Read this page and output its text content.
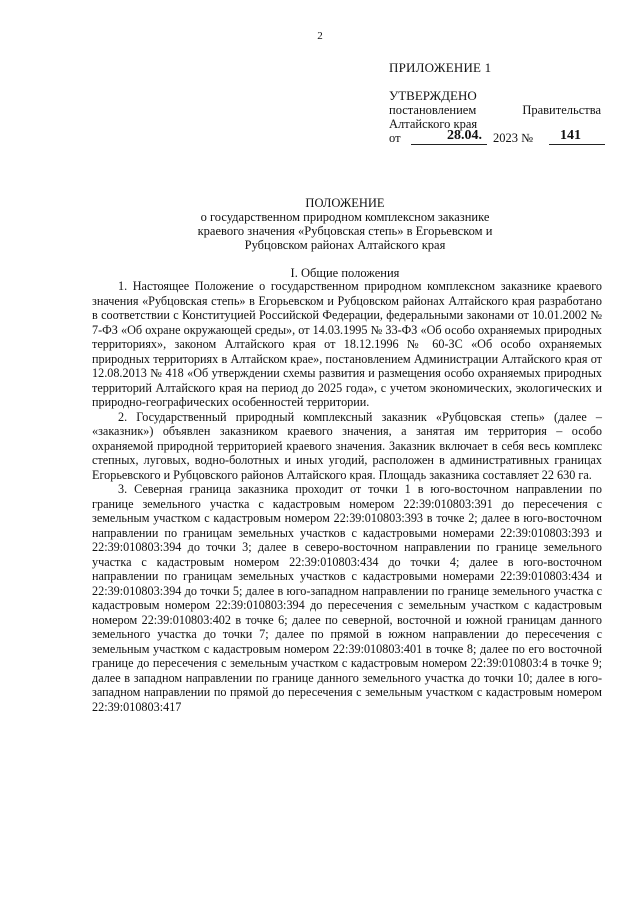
2
ПРИЛОЖЕНИЕ 1
УТВЕРЖДЕНО
постановлением	Правительства
Алтайского края
от	28.04. 2023 № 141
ПОЛОЖЕНИЕ
о государственном природном комплексном заказнике
краевого значения «Рубцовская степь» в Егорьевском и
Рубцовском районах Алтайского края
I. Общие положения

1. Настоящее Положение о государственном природном комплексном заказнике краевого значения «Рубцовская степь» в Егорьевском и Рубцовском районах Алтайского края разработано в соответствии с Конституцией Российской Федерации, федеральными законами от 10.01.2002 № 7-ФЗ «Об охране окружающей среды», от 14.03.1995 № 33-ФЗ «Об особо охраняемых природных территориях», законом Алтайского края от 18.12.1996 № 60-ЗС «Об особо охраняемых природных территориях в Алтайском крае», постановлением Администрации Алтайского края от 12.08.2013 № 418 «Об утверждении схемы развития и размещения особо охраняемых природных территорий Алтайского края на период до 2025 года», с учетом экономических, экологических и природно-географических особенностей территории.

2. Государственный природный комплексный заказник «Рубцовская степь» (далее – «заказник») объявлен заказником краевого значения, а занятая им территория – особо охраняемой природной территорией краевого значения. Заказник включает в себя весь комплекс степных, луговых, водно-болотных и иных угодий, расположен в административных границах Егорьевского и Рубцовского районов Алтайского края. Площадь заказника составляет 22 630 га.

3. Северная граница заказника проходит от точки 1 в юго-восточном направлении по границе земельного участка с кадастровым номером 22:39:010803:391 до пересечения с земельным участком с кадастровым номером 22:39:010803:393 в точке 2; далее в юго-восточном направлении по границам земельных участков с кадастровыми номерами 22:39:010803:393 и 22:39:010803:394 до точки 3; далее в северо-восточном направлении по границе земельного участка с кадастровым номером 22:39:010803:434 до точки 4; далее в юго-восточном направлении по границам земельных участков с кадастровыми номерами 22:39:010803:434 и 22:39:010803:394 до точки 5; далее в юго-западном направлении по границе земельного участка с кадастровым номером 22:39:010803:394 до пересечения с земельным участком с кадастровым номером 22:39:010803:402 в точке 6; далее по северной, восточной и южной границам данного земельного участка до точки 7; далее по прямой в южном направлении до пересечения с земельным участком с кадастровым номером 22:39:010803:401 в точке 8; далее по его восточной границе до пересечения с земельным участком с кадастровым номером 22:39:010803:4 в точке 9; далее в западном направлении по границе данного земельного участка до точки 10; далее в юго-западном направлении по прямой до пересечения с земельным участком с кадастровым номером 22:39:010803:417
